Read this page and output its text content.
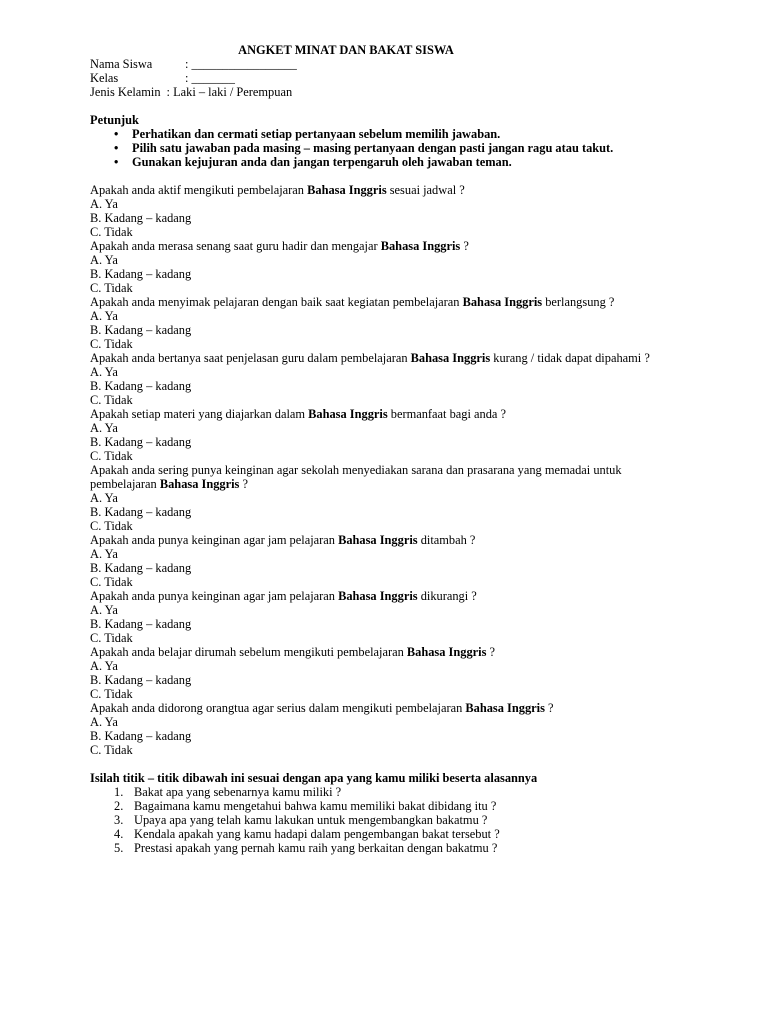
ANGKET MINAT DAN BAKAT SISWA
Nama Siswa	: _________________
Kelas	: _______
Jenis Kelamin : Laki – laki / Perempuan
Petunjuk
• Perhatikan dan cermati setiap pertanyaan sebelum memilih jawaban.
• Pilih satu jawaban pada masing – masing pertanyaan dengan pasti jangan ragu atau takut.
• Gunakan kejujuran anda dan jangan terpengaruh oleh jawaban teman.
Apakah anda aktif mengikuti pembelajaran Bahasa Inggris sesuai jadwal ?
A. Ya
B. Kadang – kadang
C. Tidak
Apakah anda merasa senang saat guru hadir dan mengajar Bahasa Inggris ?
A. Ya
B. Kadang – kadang
C. Tidak
Apakah anda menyimak pelajaran dengan baik saat kegiatan pembelajaran Bahasa Inggris berlangsung ?
A. Ya
B. Kadang – kadang
C. Tidak
Apakah anda bertanya saat penjelasan guru dalam pembelajaran Bahasa Inggris kurang / tidak dapat dipahami ?
A. Ya
B. Kadang – kadang
C. Tidak
Apakah setiap materi yang diajarkan dalam Bahasa Inggris bermanfaat bagi anda ?
A. Ya
B. Kadang – kadang
C. Tidak
Apakah anda sering punya keinginan agar sekolah menyediakan sarana dan prasarana yang memadai untuk pembelajaran Bahasa Inggris ?
A. Ya
B. Kadang – kadang
C. Tidak
Apakah anda punya keinginan agar jam pelajaran Bahasa Inggris ditambah ?
A. Ya
B. Kadang – kadang
C. Tidak
Apakah anda punya keinginan agar jam pelajaran Bahasa Inggris dikurangi ?
A. Ya
B. Kadang – kadang
C. Tidak
Apakah anda belajar dirumah sebelum mengikuti pembelajaran Bahasa Inggris ?
A. Ya
B. Kadang – kadang
C. Tidak
Apakah anda didorong orangtua agar serius dalam mengikuti pembelajaran Bahasa Inggris ?
A. Ya
B. Kadang – kadang
C. Tidak
Isilah titik – titik dibawah ini sesuai dengan apa yang kamu miliki beserta alasannya
1. Bakat apa yang sebenarnya kamu miliki ?
2. Bagaimana kamu mengetahui bahwa kamu memiliki bakat dibidang itu ?
3. Upaya apa yang telah kamu lakukan untuk mengembangkan bakatmu ?
4. Kendala apakah yang kamu hadapi dalam pengembangan bakat tersebut ?
5. Prestasi apakah yang pernah kamu raih yang berkaitan dengan bakatmu ?
